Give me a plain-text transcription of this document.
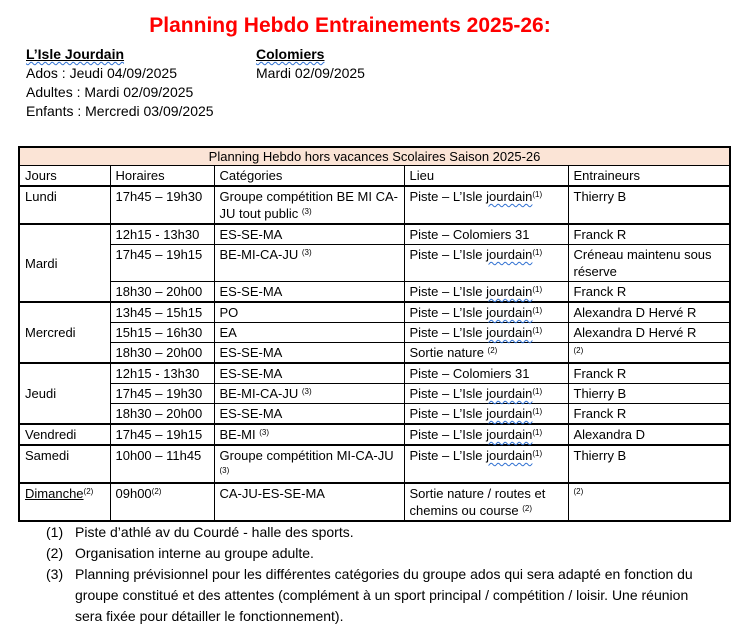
Planning Hebdo Entrainements 2025-26:
L’Isle Jourdain
Ados : Jeudi 04/09/2025
Adultes : Mardi 02/09/2025
Enfants : Mercredi 03/09/2025
Colomiers
Mardi 02/09/2025
Planning Hebdo hors vacances Scolaires Saison 2025-26				
Jours	Horaires	Catégories	Lieu	Entraineurs
Lundi	17h45 – 19h30	Groupe compétition BE MI CA-JU tout public $^{(3)}$	Piste – L’Isle jourdain$^{(1)}$	Thierry B
Mardi	12h15 - 13h30	ES-SE-MA	Piste – Colomiers 31	Franck R
	17h45 – 19h15	BE-MI-CA-JU $^{(3)}$	Piste – L’Isle jourdain$^{(1)}$	Créneau maintenu sous réserve
	18h30 – 20h00	ES-SE-MA	Piste – L’Isle jourdain$^{(1)}$	Franck R
Mercredi	13h45 – 15h15	PO	Piste – L’Isle jourdain$^{(1)}$	Alexandra D Hervé R
	15h15 – 16h30	EA	Piste – L’Isle jourdain$^{(1)}$	Alexandra D Hervé R
	18h30 – 20h00	ES-SE-MA	Sortie nature $^{(2)}$	$^{(2)}$
Jeudi	12h15 - 13h30	ES-SE-MA	Piste – Colomiers 31	Franck R
	17h45 – 19h30	BE-MI-CA-JU $^{(3)}$	Piste – L’Isle jourdain$^{(1)}$	Thierry B
	18h30 – 20h00	ES-SE-MA	Piste – L’Isle jourdain$^{(1)}$	Franck R
Vendredi	17h45 – 19h15	BE-MI $^{(3)}$	Piste – L’Isle jourdain$^{(1)}$	Alexandra D
Samedi	10h00 – 11h45	Groupe compétition MI-CA-JU $^{(3)}$	Piste – L’Isle jourdain$^{(1)}$	Thierry B
Dimanche$^{(2)}$	09h00$^{(2)}$	CA-JU-ES-SE-MA	Sortie nature / routes et chemins ou course $^{(2)}$	$^{(2)}$
(1) Piste d’athlé av du Courdé - halle des sports.
(2) Organisation interne au groupe adulte.
(3) Planning prévisionnel pour les différentes catégories du groupe ados qui sera adapté en fonction du groupe constitué et des attentes (complément à un sport principal / compétition / loisir. Une réunion sera fixée pour détailler le fonctionnement).
